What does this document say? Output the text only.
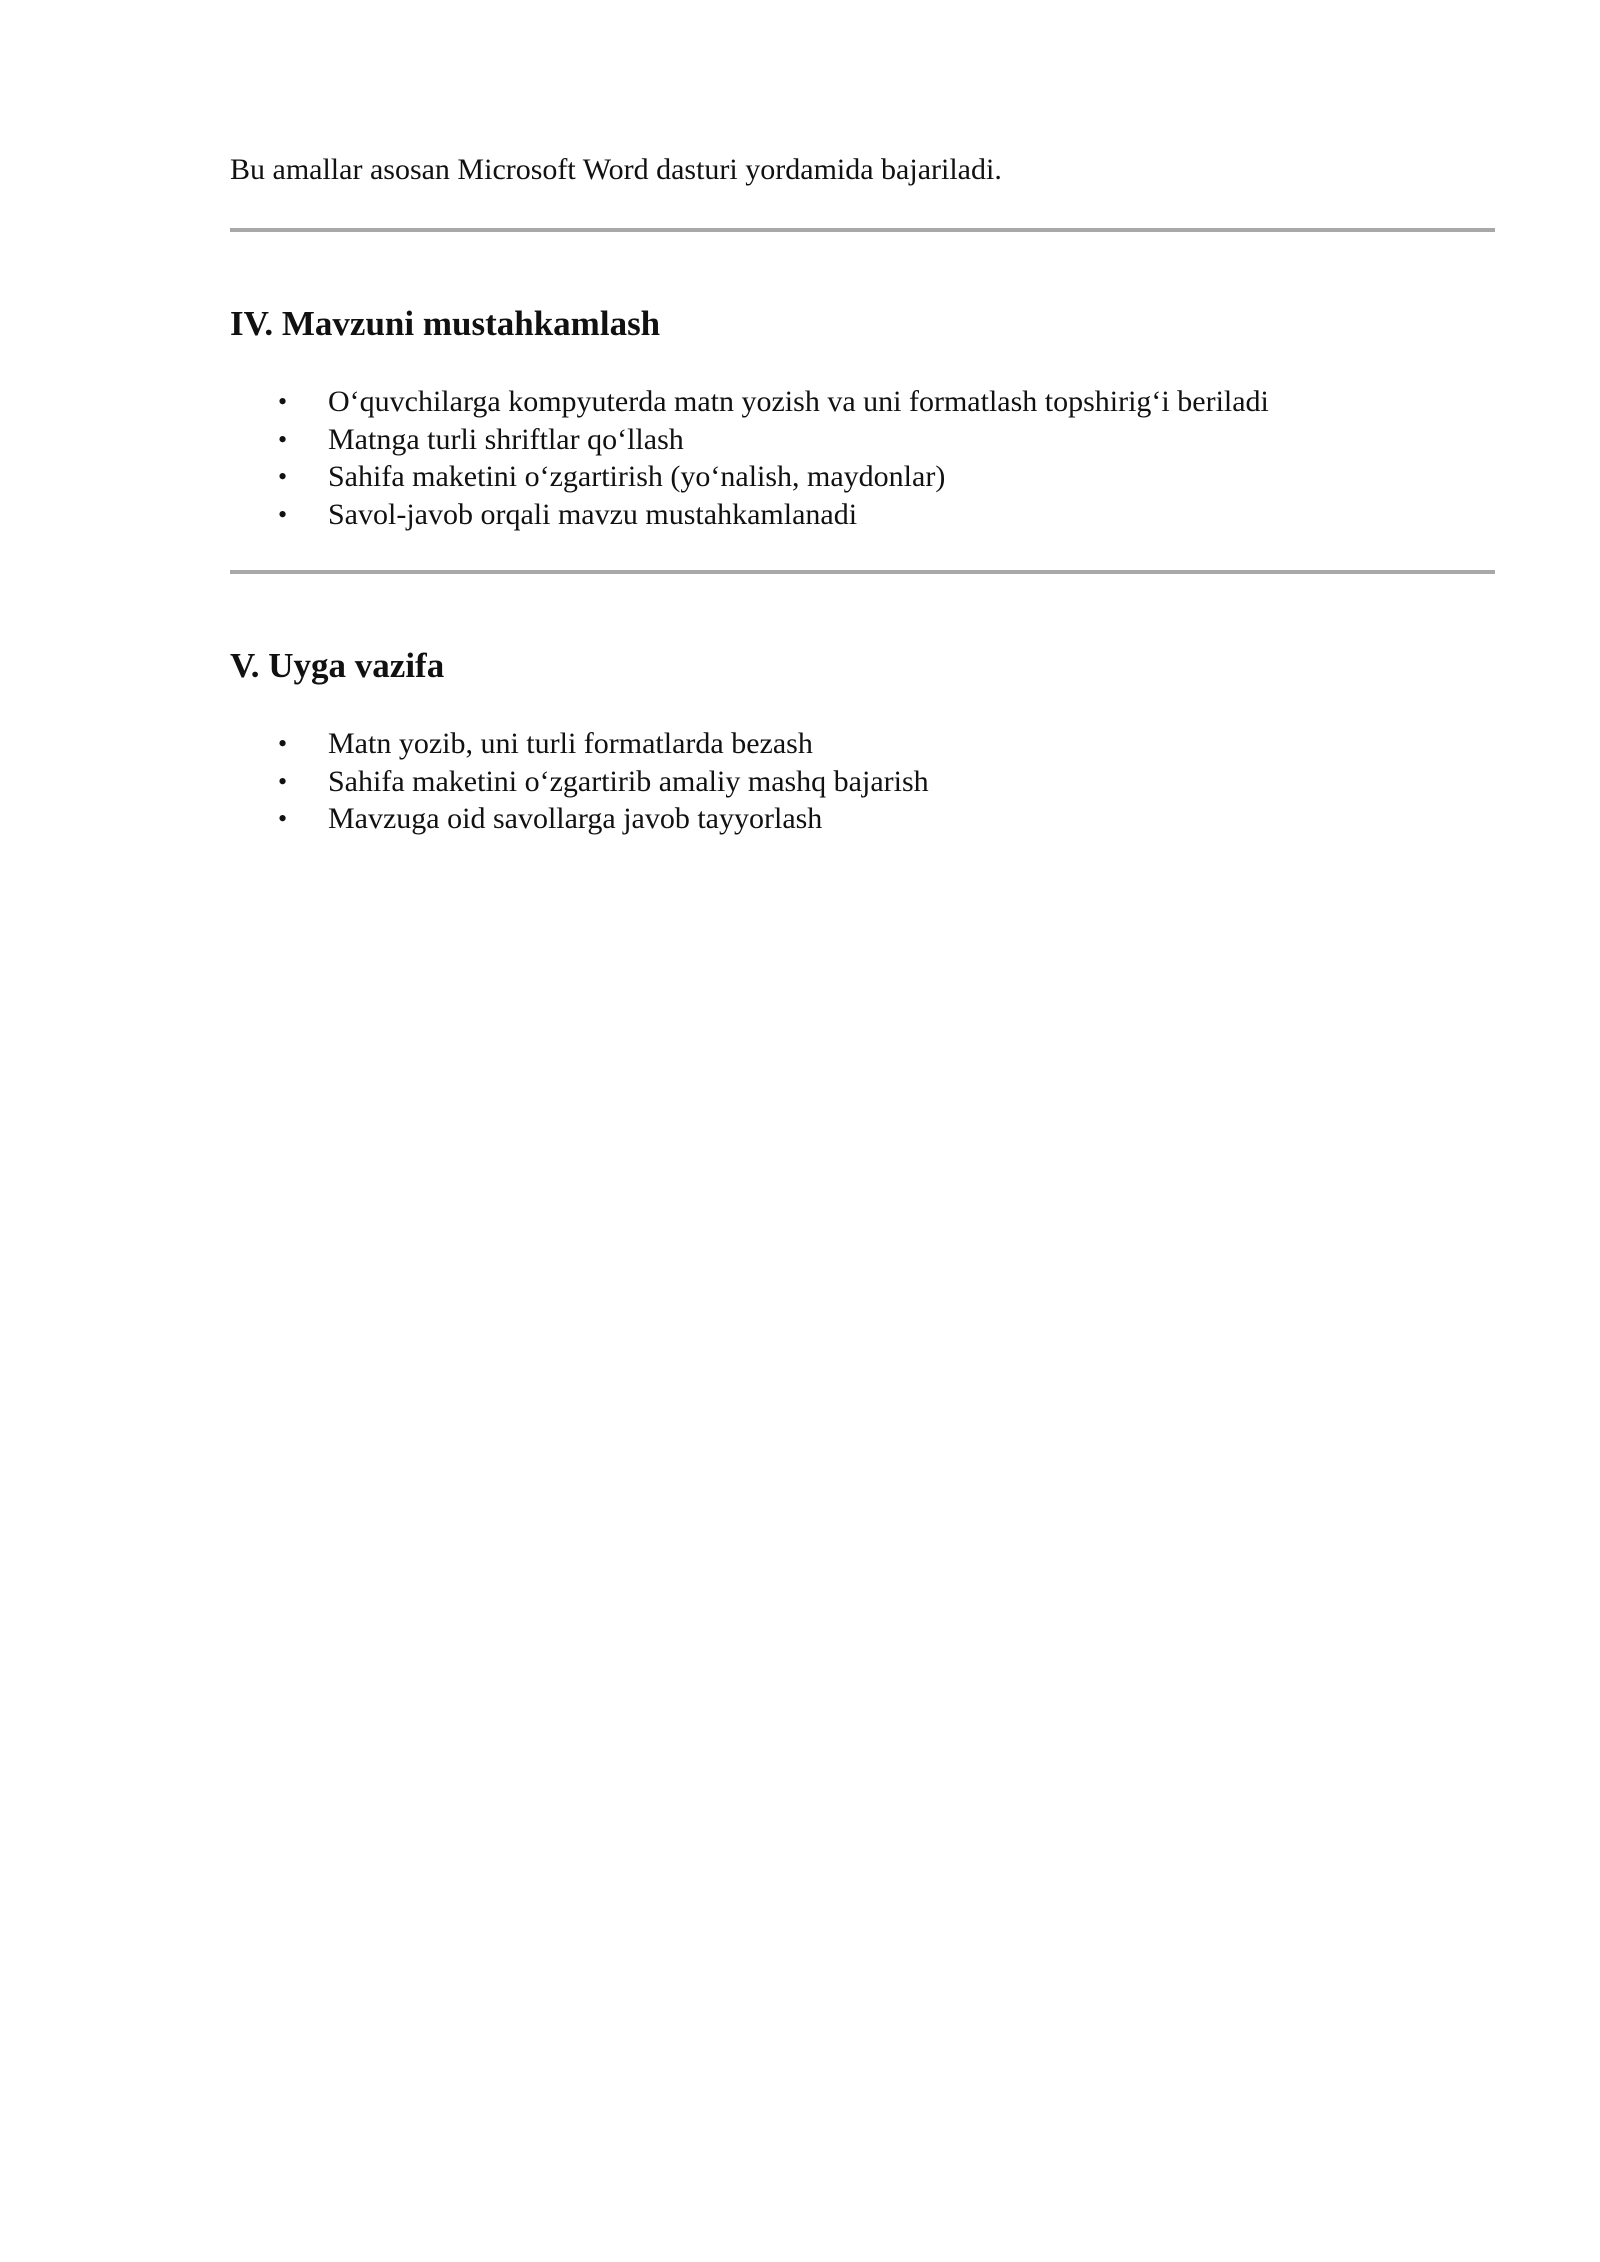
Bu amallar asosan Microsoft Word dasturi yordamida bajariladi.

IV. Mavzuni mustahkamlash
• O‘quvchilarga kompyuterda matn yozish va uni formatlash topshirig‘i beriladi
• Matnga turli shriftlar qo‘llash
• Sahifa maketini o‘zgartirish (yo‘nalish, maydonlar)
• Savol-javob orqali mavzu mustahkamlanadi
V. Uyga vazifa
• Matn yozib, uni turli formatlarda bezash
• Sahifa maketini o‘zgartirib amaliy mashq bajarish
• Mavzuga oid savollarga javob tayyorlash
